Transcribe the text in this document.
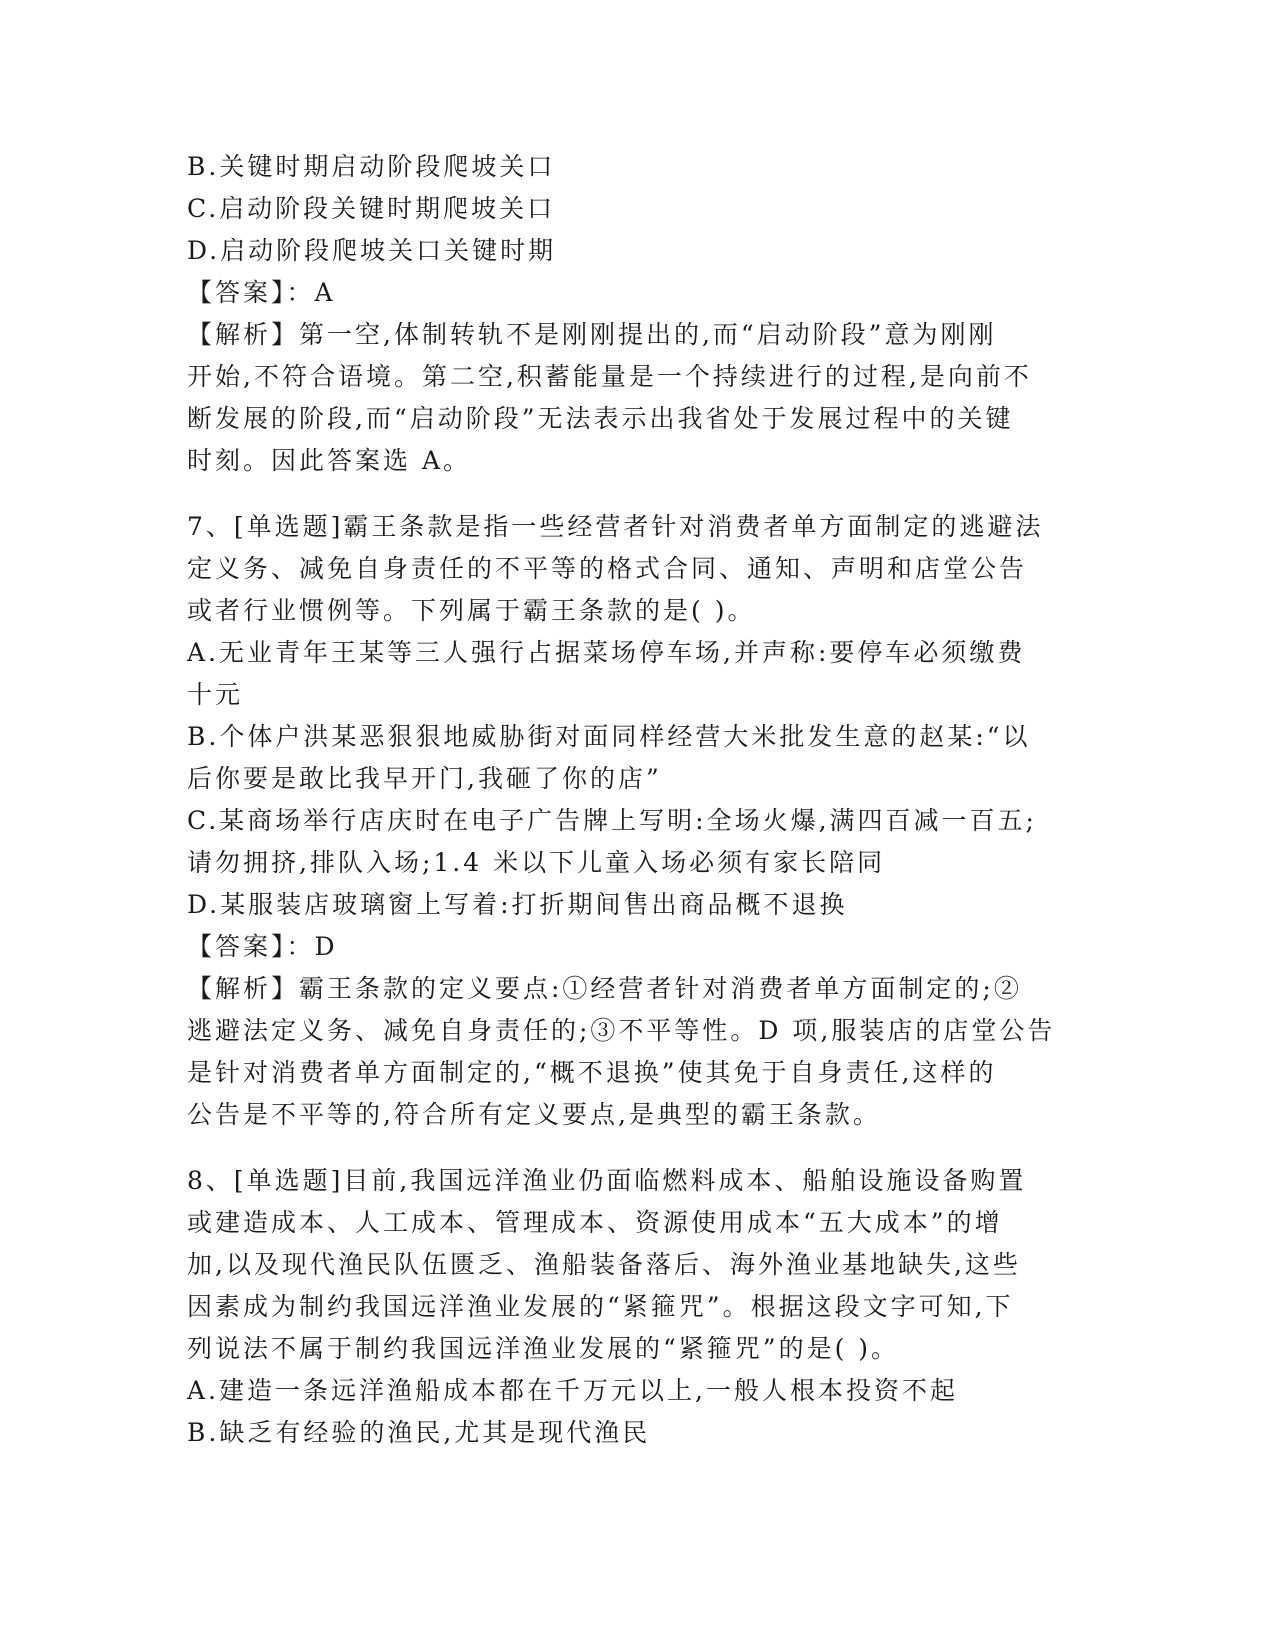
B.关键时期启动阶段爬坡关口
C.启动阶段关键时期爬坡关口
D.启动阶段爬坡关口关键时期
【答案】：A
【解析】第一空,体制转轨不是刚刚提出的,而“启动阶段”意为刚刚
开始,不符合语境。第二空,积蓄能量是一个持续进行的过程,是向前不
断发展的阶段,而“启动阶段”无法表示出我省处于发展过程中的关键
时刻。因此答案选 A。
7、[单选题]霸王条款是指一些经营者针对消费者单方面制定的逃避法
定义务、减免自身责任的不平等的格式合同、通知、声明和店堂公告
或者行业惯例等。下列属于霸王条款的是( )。
A.无业青年王某等三人强行占据菜场停车场,并声称:要停车必须缴费
十元
B.个体户洪某恶狠狠地威胁街对面同样经营大米批发生意的赵某:“以
后你要是敢比我早开门,我砸了你的店”
C.某商场举行店庆时在电子广告牌上写明:全场火爆,满四百减一百五;
请勿拥挤,排队入场;1.4 米以下儿童入场必须有家长陪同
D.某服装店玻璃窗上写着:打折期间售出商品概不退换
【答案】：D
【解析】霸王条款的定义要点:①经营者针对消费者单方面制定的;②
逃避法定义务、减免自身责任的;③不平等性。D 项,服装店的店堂公告
是针对消费者单方面制定的,“概不退换”使其免于自身责任,这样的
公告是不平等的,符合所有定义要点,是典型的霸王条款。
8、[单选题]目前,我国远洋渔业仍面临燃料成本、船舶设施设备购置
或建造成本、人工成本、管理成本、资源使用成本“五大成本”的增
加,以及现代渔民队伍匮乏、渔船装备落后、海外渔业基地缺失,这些
因素成为制约我国远洋渔业发展的“紧箍咒”。根据这段文字可知,下
列说法不属于制约我国远洋渔业发展的“紧箍咒”的是( )。
A.建造一条远洋渔船成本都在千万元以上,一般人根本投资不起
B.缺乏有经验的渔民,尤其是现代渔民
